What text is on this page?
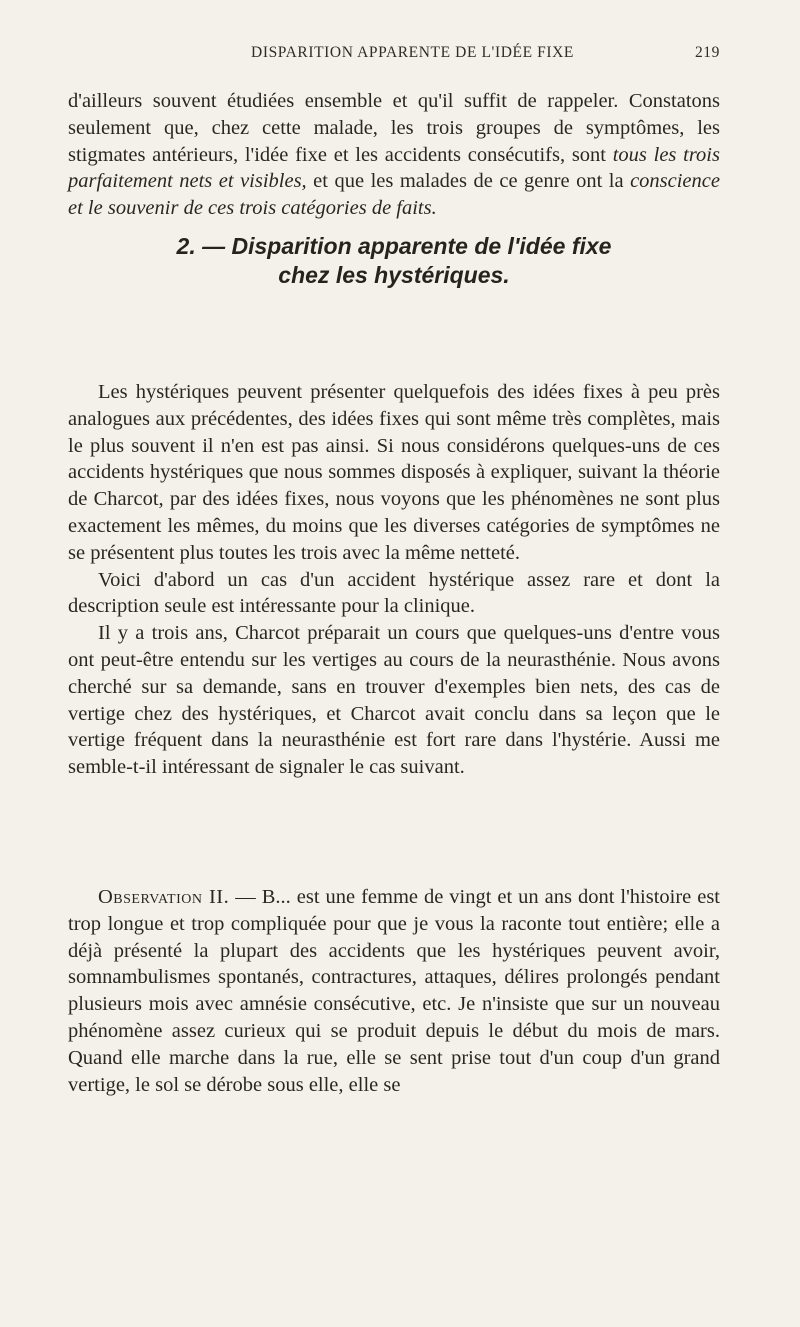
DISPARITION APPARENTE DE L'IDÉE FIXE	219

d'ailleurs souvent étudiées ensemble et qu'il suffit de rappeler. Constatons seulement que, chez cette malade, les trois groupes de symptômes, les stigmates antérieurs, l'idée fixe et les accidents consécutifs, sont tous les trois parfaitement nets et visibles, et que les malades de ce genre ont la conscience et le souvenir de ces trois catégories de faits.

2. — Disparition apparente de l'idée fixe
chez les hystériques.

Les hystériques peuvent présenter quelquefois des idées fixes à peu près analogues aux précédentes, des idées fixes qui sont même très complètes, mais le plus souvent il n'en est pas ainsi. Si nous considérons quelques-uns de ces accidents hystériques que nous sommes disposés à expliquer, suivant la théorie de Charcot, par des idées fixes, nous voyons que les phénomènes ne sont plus exactement les mêmes, du moins que les diverses catégories de symptômes ne se présentent plus toutes les trois avec la même netteté.

Voici d'abord un cas d'un accident hystérique assez rare et dont la description seule est intéressante pour la clinique.

Il y a trois ans, Charcot préparait un cours que quelques-uns d'entre vous ont peut-être entendu sur les vertiges au cours de la neurasthénie. Nous avons cherché sur sa demande, sans en trouver d'exemples bien nets, des cas de vertige chez des hystériques, et Charcot avait conclu dans sa leçon que le vertige fréquent dans la neurasthénie est fort rare dans l'hystérie. Aussi me semble-t-il intéressant de signaler le cas suivant.

Observation II. — B... est une femme de vingt et un ans dont l'histoire est trop longue et trop compliquée pour que je vous la raconte tout entière; elle a déjà présenté la plupart des accidents que les hystériques peuvent avoir, somnambulismes spontanés, contractures, attaques, délires prolongés pendant plusieurs mois avec amnésie consécutive, etc. Je n'insiste que sur un nouveau phénomène assez curieux qui se produit depuis le début du mois de mars. Quand elle marche dans la rue, elle se sent prise tout d'un coup d'un grand vertige, le sol se dérobe sous elle, elle se
